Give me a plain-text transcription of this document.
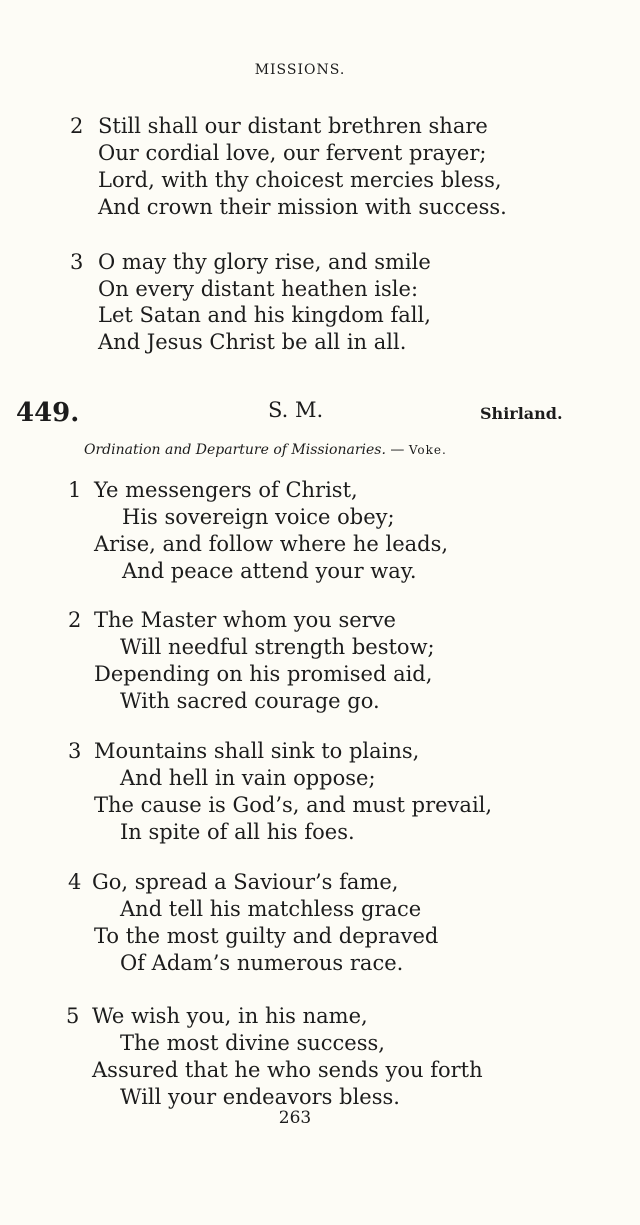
MISSIONS.
2 Still shall our distant brethren share
Our cordial love, our fervent prayer;
Lord, with thy choicest mercies bless,
And crown their mission with success.
3 O may thy glory rise, and smile
On every distant heathen isle:
Let Satan and his kingdom fall,
And Jesus Christ be all in all.
449.	S. M.	Shirland.
Ordination and Departure of Missionaries. — Voke.
1 Ye messengers of Christ,
His sovereign voice obey;
Arise, and follow where he leads,
And peace attend your way.
2 The Master whom you serve
Will needful strength bestow;
Depending on his promised aid,
With sacred courage go.
3 Mountains shall sink to plains,
And hell in vain oppose;
The cause is God’s, and must prevail,
In spite of all his foes.
4 Go, spread a Saviour’s fame,
And tell his matchless grace
To the most guilty and depraved
Of Adam’s numerous race.
5 We wish you, in his name,
The most divine success,
Assured that he who sends you forth
Will your endeavors bless.
263
